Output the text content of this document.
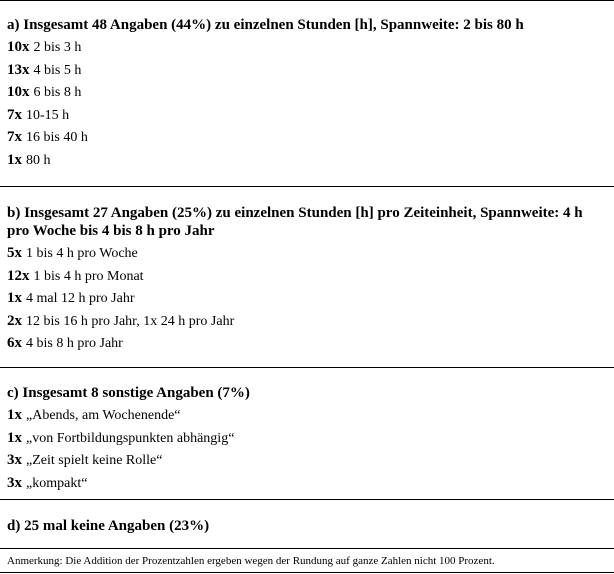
a) Insgesamt 48 Angaben (44%) zu einzelnen Stunden [h], Spannweite: 2 bis 80 h
10x 2 bis 3 h
13x 4 bis 5 h
10x 6 bis 8 h
7x 10-15 h
7x 16 bis 40 h
1x 80 h
b) Insgesamt 27 Angaben (25%) zu einzelnen Stunden [h] pro Zeiteinheit, Spannweite: 4 h pro Woche bis 4 bis 8 h pro Jahr
5x 1 bis 4 h pro Woche
12x 1 bis 4 h pro Monat
1x 4 mal 12 h pro Jahr
2x 12 bis 16 h pro Jahr, 1x 24 h pro Jahr
6x 4 bis 8 h pro Jahr
c) Insgesamt 8 sonstige Angaben (7%)
1x „Abends, am Wochenende“
1x „von Fortbildungspunkten abhängig“
3x „Zeit spielt keine Rolle“
3x „kompakt“
d) 25 mal keine Angaben (23%)
Anmerkung: Die Addition der Prozentzahlen ergeben wegen der Rundung auf ganze Zahlen nicht 100 Prozent.
